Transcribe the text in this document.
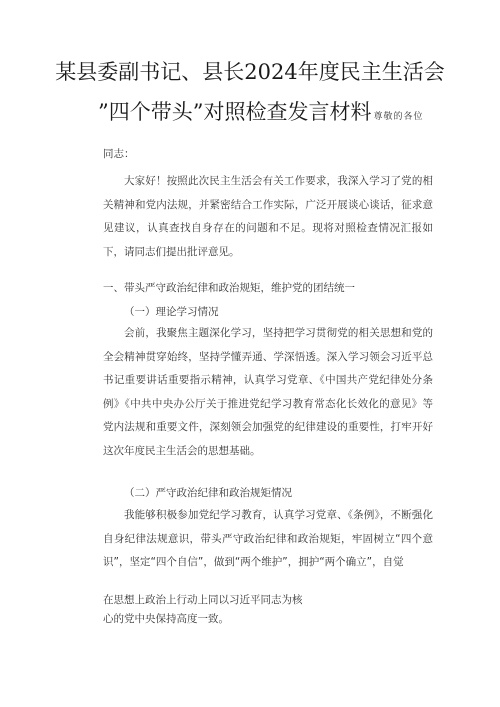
某县委副书记、县长2024年度民主生活会
”四个带头”对照检查发言材料 尊敬的各位
同志：

大家好！按照此次民主生活会有关工作要求，我深入学习了党的相关精神和党内法规，并紧密结合工作实际，广泛开展谈心谈话，征求意见建议，认真查找自身存在的问题和不足。现将对照检查情况汇报如下，请同志们提出批评意见。

一、带头严守政治纪律和政治规矩，维护党的团结统一
（一）理论学习情况

会前，我聚焦主题深化学习，坚持把学习贯彻党的相关思想和党的全会精神贯穿始终，坚持学懂弄通、学深悟透。深入学习领会习近平总书记重要讲话重要指示精神，认真学习党章、《中国共产党纪律处分条例》《中共中央办公厅关于推进党纪学习教育常态化长效化的意见》等党内法规和重要文件，深刻领会加强党的纪律建设的重要性，打牢开好这次年度民主生活会的思想基础。

（二）严守政治纪律和政治规矩情况

我能够积极参加党纪学习教育，认真学习党章、《条例》，不断强化自身纪律法规意识，带头严守政治纪律和政治规矩，牢固树立“四个意识”，坚定“四个自信”，做到“两个维护”，拥护“两个确立”，自觉

在思想上政治上行动上同以习近平同志为核
心的党中央保持高度一致。
